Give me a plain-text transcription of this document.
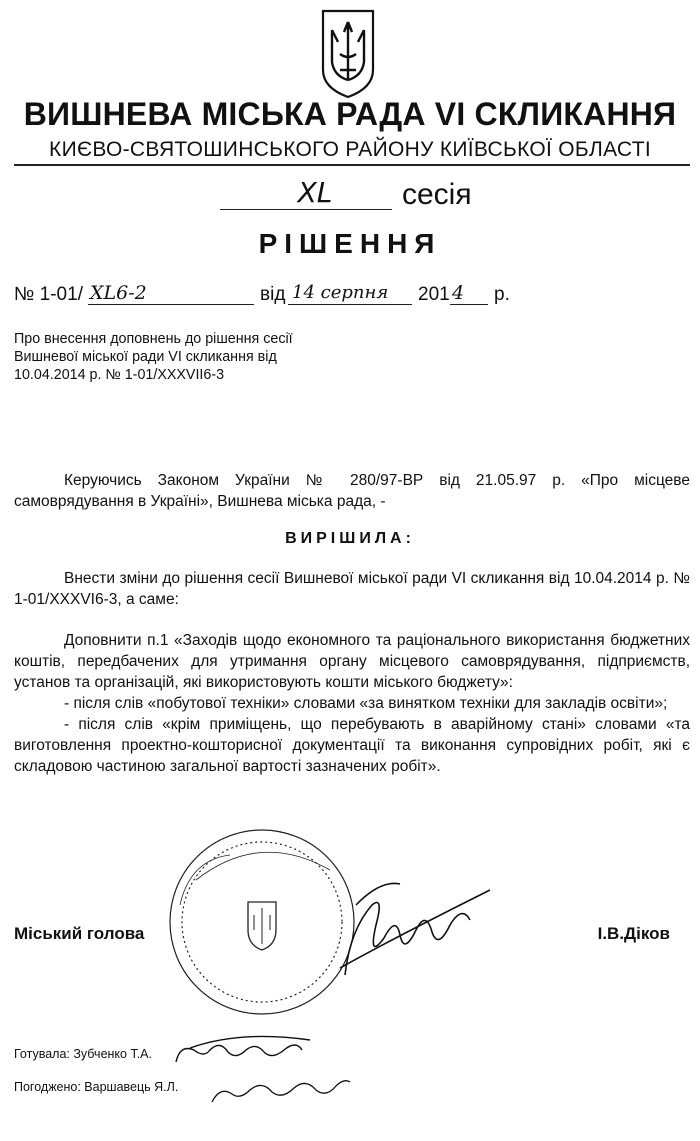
ВИШНЕВА МІСЬКА РАДА VI СКЛИКАННЯ
КИЄВО-СВЯТОШИНСЬКОГО РАЙОНУ КИЇВСЬКОЇ ОБЛАСТІ
XL	сесія
РІШЕННЯ
№ 1-01/ XL6-2	від 14 серпня 201 4 р.
Про внесення доповнень до рішення сесії
Вишневої міської ради VI скликання від
10.04.2014 р. № 1-01/XXXVII6-3
Керуючись Законом України № 280/97-ВР від 21.05.97 р. «Про місцеве самоврядування в Україні», Вишнева міська рада, -
ВИРІШИЛА:
Внести зміни до рішення сесії Вишневої міської ради VI скликання від 10.04.2014 р. № 1-01/XXXVI6-3, а саме:
Доповнити п.1 «Заходів щодо економного та раціонального використання бюджетних коштів, передбачених для утримання органу місцевого самоврядування, підприємств, установ та організацій, які використовують кошти міського бюджету»:
- після слів «побутової техніки» словами «за винятком техніки для закладів освіти»;
- після слів «крім приміщень, що перебувають в аварійному стані» словами «та виготовлення проектно-кошторисної документації та виконання супровідних робіт, які є складовою частиною загальної вартості зазначених робіт».
Міський голова	І.В.Діков
Готувала: Зубченко Т.А.
Погоджено: Варшавець Я.Л.
